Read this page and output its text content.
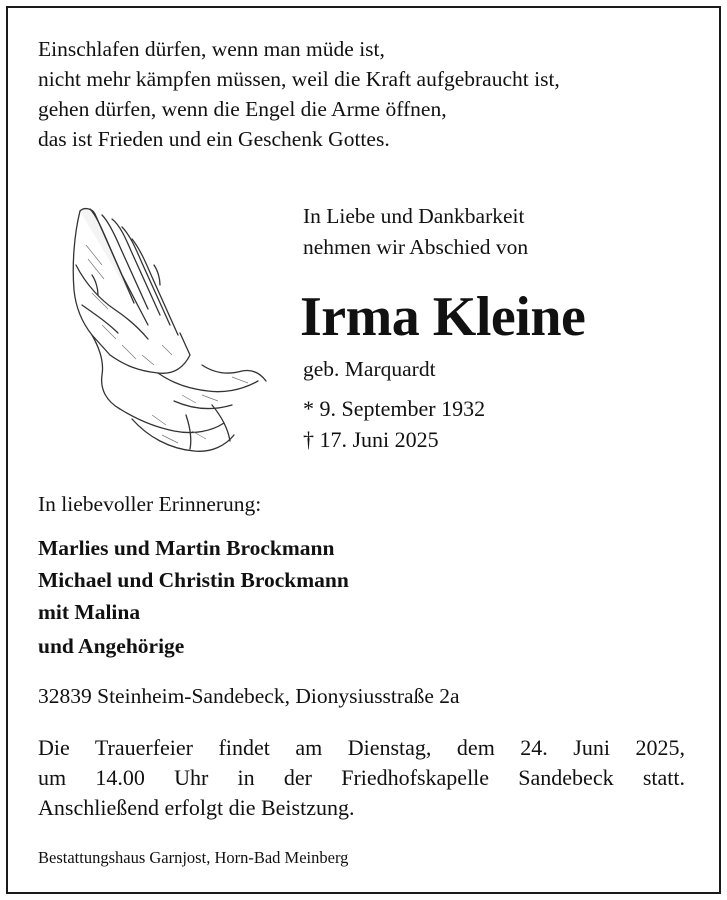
Einschlafen dürfen, wenn man müde ist,
nicht mehr kämpfen müssen, weil die Kraft aufgebraucht ist,
gehen dürfen, wenn die Engel die Arme öffnen,
das ist Frieden und ein Geschenk Gottes.
In Liebe und Dankbarkeit
nehmen wir Abschied von
Irma Kleine
geb. Marquardt
* 9. September 1932
† 17. Juni 2025
In liebevoller Erinnerung:
Marlies und Martin Brockmann
Michael und Christin Brockmann
mit Malina
und Angehörige
32839 Steinheim-Sandebeck, Dionysiusstraße 2a
Die Trauerfeier findet am Dienstag, dem 24. Juni 2025,
um 14.00 Uhr in der Friedhofskapelle Sandebeck statt.
Anschließend erfolgt die Beistzung.
Bestattungshaus Garnjost, Horn-Bad Meinberg
